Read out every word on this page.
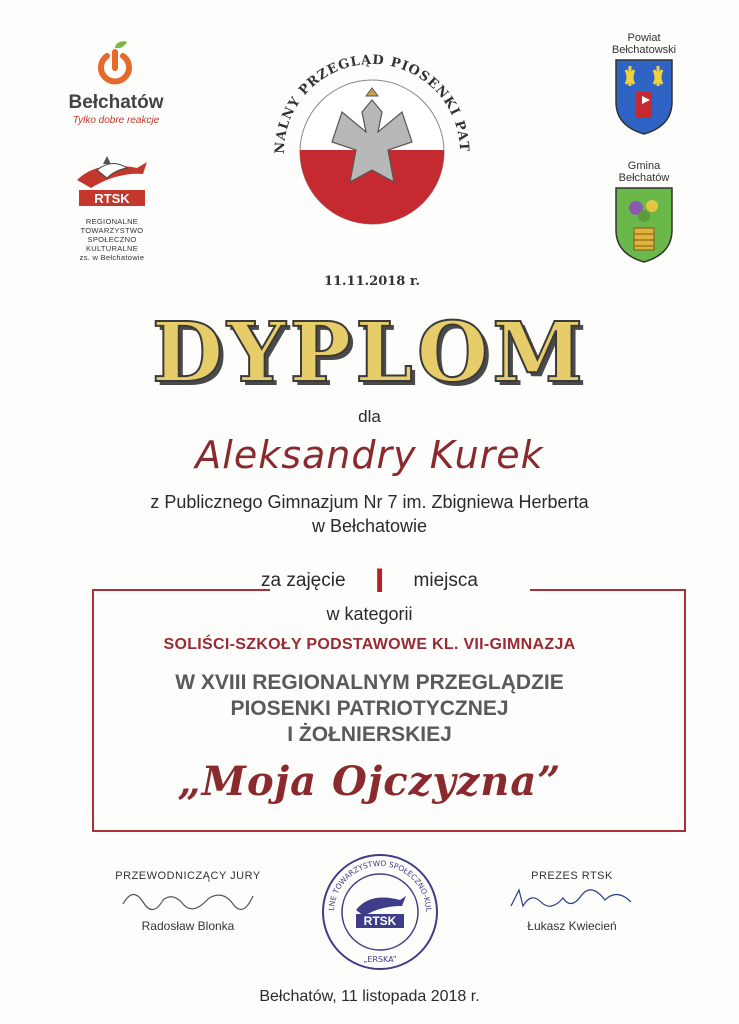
Bełchatów
Tylko dobre reakcje
RTSK
REGIONALNE
TOWARZYSTWO
SPOŁECZNO
KULTURALNE
zs. w Bełchatowie
NALNY PRZEGLĄD PIOSENKI PAT
LECIE ODZYSKANIA NIEPODLEGŁ
11.11.2018 r.
Powiat
Bełchatowski
Gmina
Bełchatów
DYPLOM
dla
Aleksandry Kurek
z Publicznego Gimnazjum Nr 7 im. Zbigniewa Herberta
w Bełchatowie
za zajęcie I miejsca
w kategorii
SOLIŚCI-SZKOŁY PODSTAWOWE KL. VII-GIMNAZJA
W XVIII REGIONALNYM PRZEGLĄDZIE
PIOSENKI PATRIOTYCZNEJ
I ŻOŁNIERSKIEJ
„Moja Ojczyzna”
PRZEWODNICZĄCY JURY
Radosław Blonka
LNE TOWARZYSTWO SPOŁECZNO-KUL
RTSK
„ERSKA”
PREZES RTSK
Łukasz Kwiecień
Bełchatów, 11 listopada 2018 r.
